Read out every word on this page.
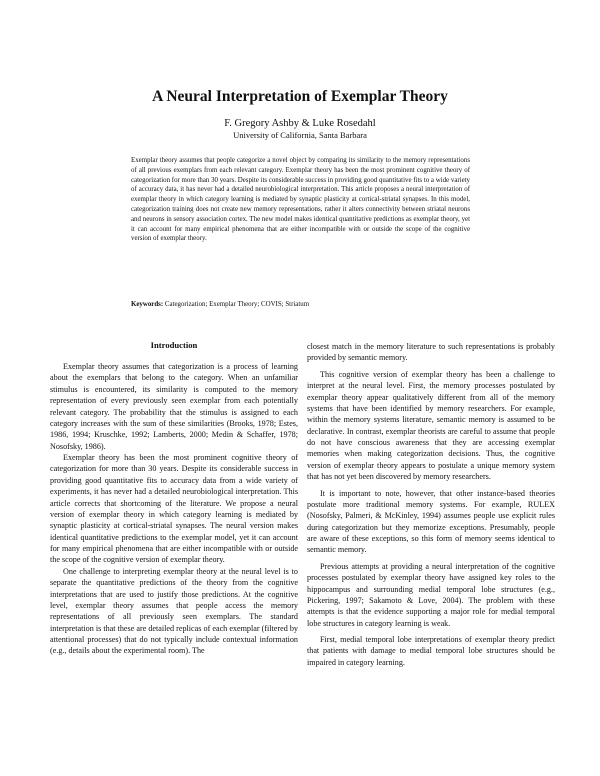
A Neural Interpretation of Exemplar Theory
F. Gregory Ashby & Luke Rosedahl
University of California, Santa Barbara

Exemplar theory assumes that people categorize a novel object by comparing its similarity to the memory representations of all previous exemplars from each relevant category. Exemplar theory has been the most prominent cognitive theory of categorization for more than 30 years. Despite its considerable success in providing good quantitative fits to a wide variety of accuracy data, it has never had a detailed neurobiological interpretation. This article proposes a neural interpretation of exemplar theory in which category learning is mediated by synaptic plasticity at cortical-striatal synapses. In this model, categorization training does not create new memory representations, rather it alters connectivity between striatal neurons and neurons in sensory association cortex. The new model makes identical quantitative predictions as exemplar theory, yet it can account for many empirical phenomena that are either incompatible with or outside the scope of the cognitive version of exemplar theory.

Keywords: Categorization; Exemplar Theory; COVIS; Striatum

Introduction

Exemplar theory assumes that categorization is a process of learning about the exemplars that belong to the category. When an unfamiliar stimulus is encountered, its similarity is computed to the memory representation of every previously seen exemplar from each potentially relevant category. The probability that the stimulus is assigned to each category increases with the sum of these similarities (Brooks, 1978; Estes, 1986, 1994; Kruschke, 1992; Lamberts, 2000; Medin & Schaffer, 1978; Nosofsky, 1986).

Exemplar theory has been the most prominent cognitive theory of categorization for more than 30 years. Despite its considerable success in providing good quantitative fits to accuracy data from a wide variety of experiments, it has never had a detailed neurobiological interpretation. This article corrects that shortcoming of the literature. We propose a neural version of exemplar theory in which category learning is mediated by synaptic plasticity at cortical-striatal synapses. The neural version makes identical quantitative predictions to the exemplar model, yet it can account for many empirical phenomena that are either incompatible with or outside the scope of the cognitive version of exemplar theory.

One challenge to interpreting exemplar theory at the neural level is to separate the quantitative predictions of the theory from the cognitive interpretations that are used to justify those predictions. At the cognitive level, exemplar theory assumes that people access the memory representations of all previously seen exemplars. The standard interpretation is that these are detailed replicas of each exemplar (filtered by attentional processes) that do not typically include contextual information (e.g., details about the experimental room). The

closest match in the memory literature to such representations is probably provided by semantic memory.

This cognitive version of exemplar theory has been a challenge to interpret at the neural level. First, the memory processes postulated by exemplar theory appear qualitatively different from all of the memory systems that have been identified by memory researchers. For example, within the memory systems literature, semantic memory is assumed to be declarative. In contrast, exemplar theorists are careful to assume that people do not have conscious awareness that they are accessing exemplar memories when making categorization decisions. Thus, the cognitive version of exemplar theory appears to postulate a unique memory system that has not yet been discovered by memory researchers.

It is important to note, however, that other instance-based theories postulate more traditional memory systems. For example, RULEX (Nosofsky, Palmeri, & McKinley, 1994) assumes people use explicit rules during categorization but they memorize exceptions. Presumably, people are aware of these exceptions, so this form of memory seems identical to semantic memory.

Previous attempts at providing a neural interpretation of the cognitive processes postulated by exemplar theory have assigned key roles to the hippocampus and surrounding medial temporal lobe structures (e.g., Pickering, 1997; Sakamoto & Love, 2004). The problem with these attempts is that the evidence supporting a major role for medial temporal lobe structures in category learning is weak.

First, medial temporal lobe interpretations of exemplar theory predict that patients with damage to medial temporal lobe structures should be impaired in category learning.
